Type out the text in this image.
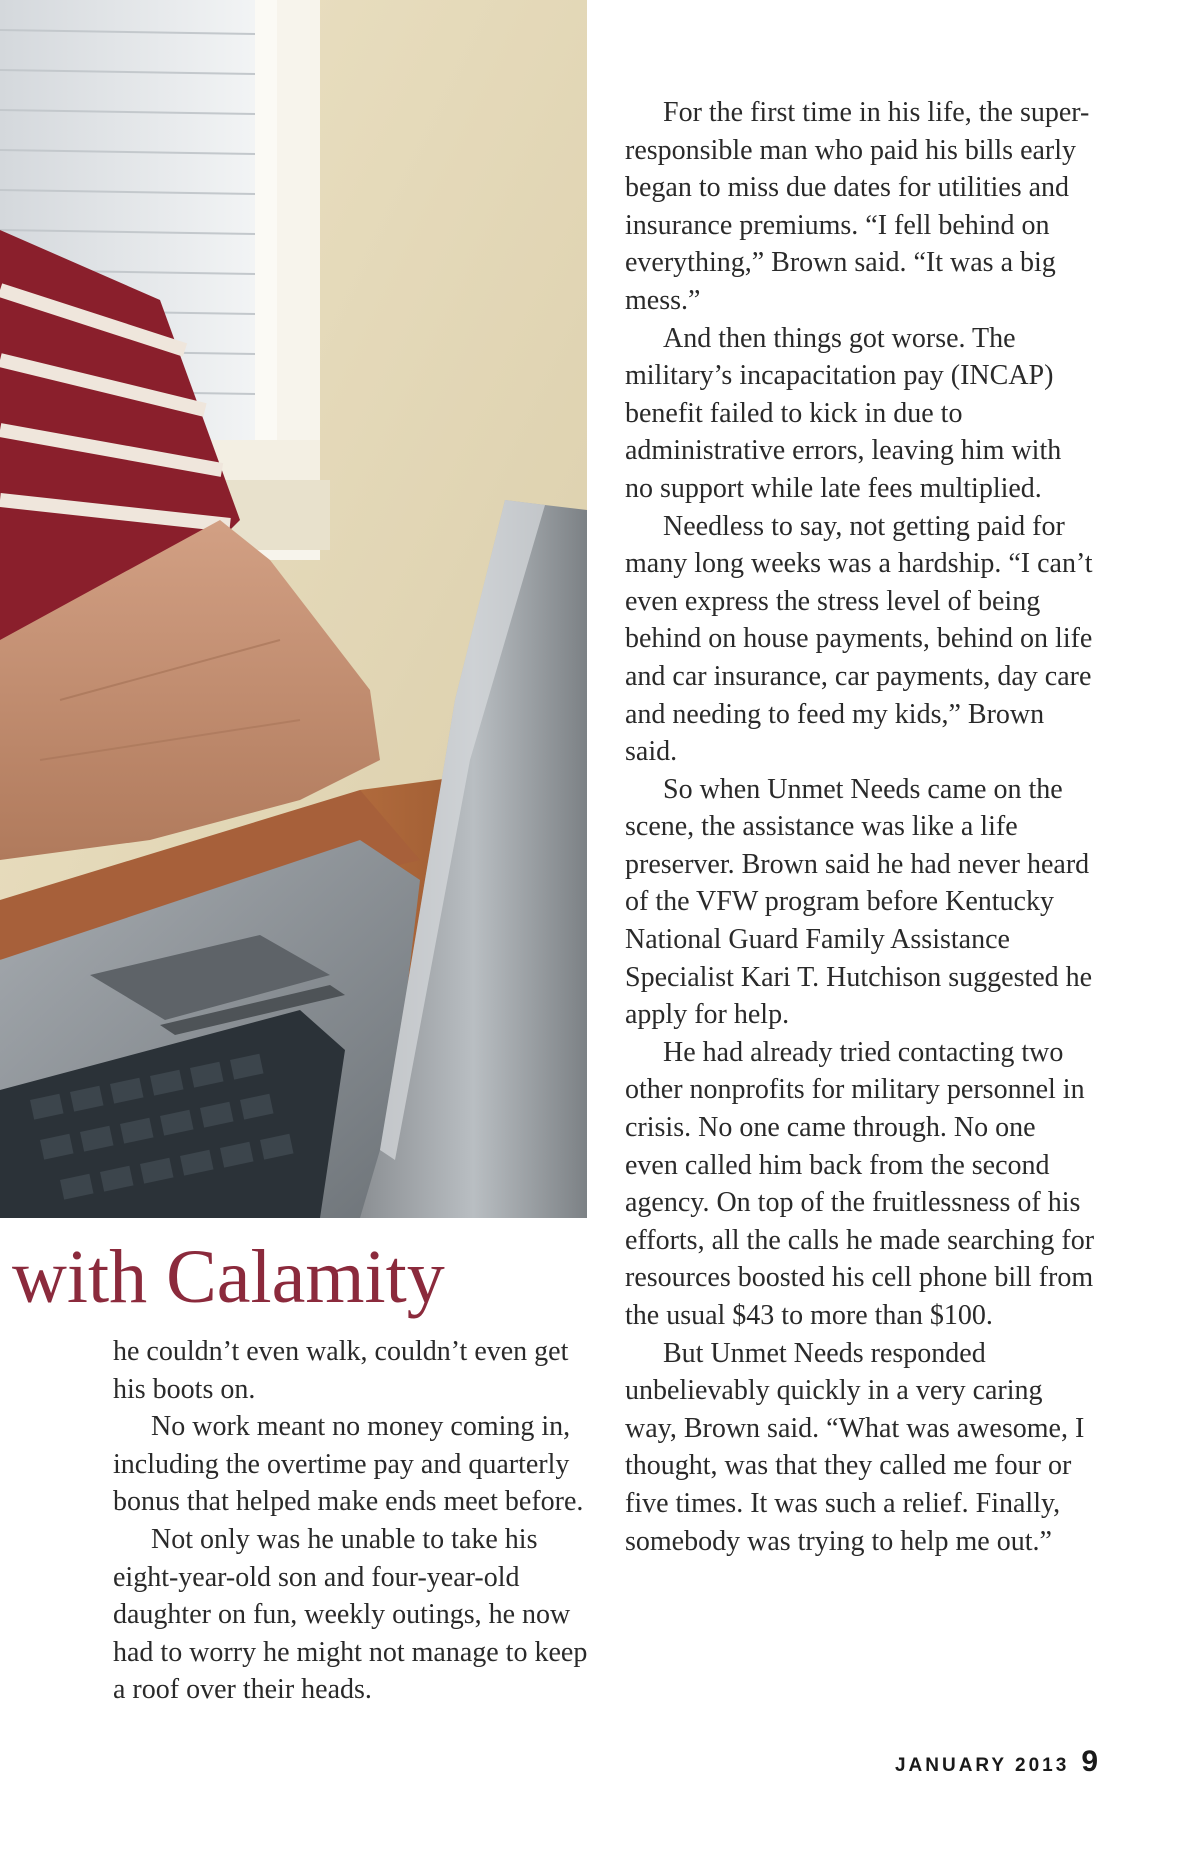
with Calamity

he couldn’t even walk, couldn’t even get his boots on.

No work meant no money coming in, including the overtime pay and quarterly bonus that helped make ends meet before.

Not only was he unable to take his eight-year-old son and four-year-old daughter on fun, weekly outings, he now had to worry he might not manage to keep a roof over their heads.

For the first time in his life, the super-responsible man who paid his bills early began to miss due dates for utilities and insurance premiums. “I fell behind on everything,” Brown said. “It was a big mess.”

And then things got worse. The military’s incapacitation pay (INCAP) benefit failed to kick in due to administrative errors, leaving him with no support while late fees multiplied.

Needless to say, not getting paid for many long weeks was a hardship. “I can’t even express the stress level of being behind on house payments, behind on life and car insurance, car payments, day care and needing to feed my kids,” Brown said.

So when Unmet Needs came on the scene, the assistance was like a life preserver. Brown said he had never heard of the VFW program before Kentucky National Guard Family Assistance Specialist Kari T. Hutchison suggested he apply for help.

He had already tried contacting two other nonprofits for military personnel in crisis. No one came through. No one even called him back from the second agency. On top of the fruitlessness of his efforts, all the calls he made searching for resources boosted his cell phone bill from the usual $43 to more than $100.

But Unmet Needs responded unbelievably quickly in a very caring way, Brown said. “What was awesome, I thought, was that they called me four or five times. It was such a relief. Finally, somebody was trying to help me out.”

JANUARY 2013 9
